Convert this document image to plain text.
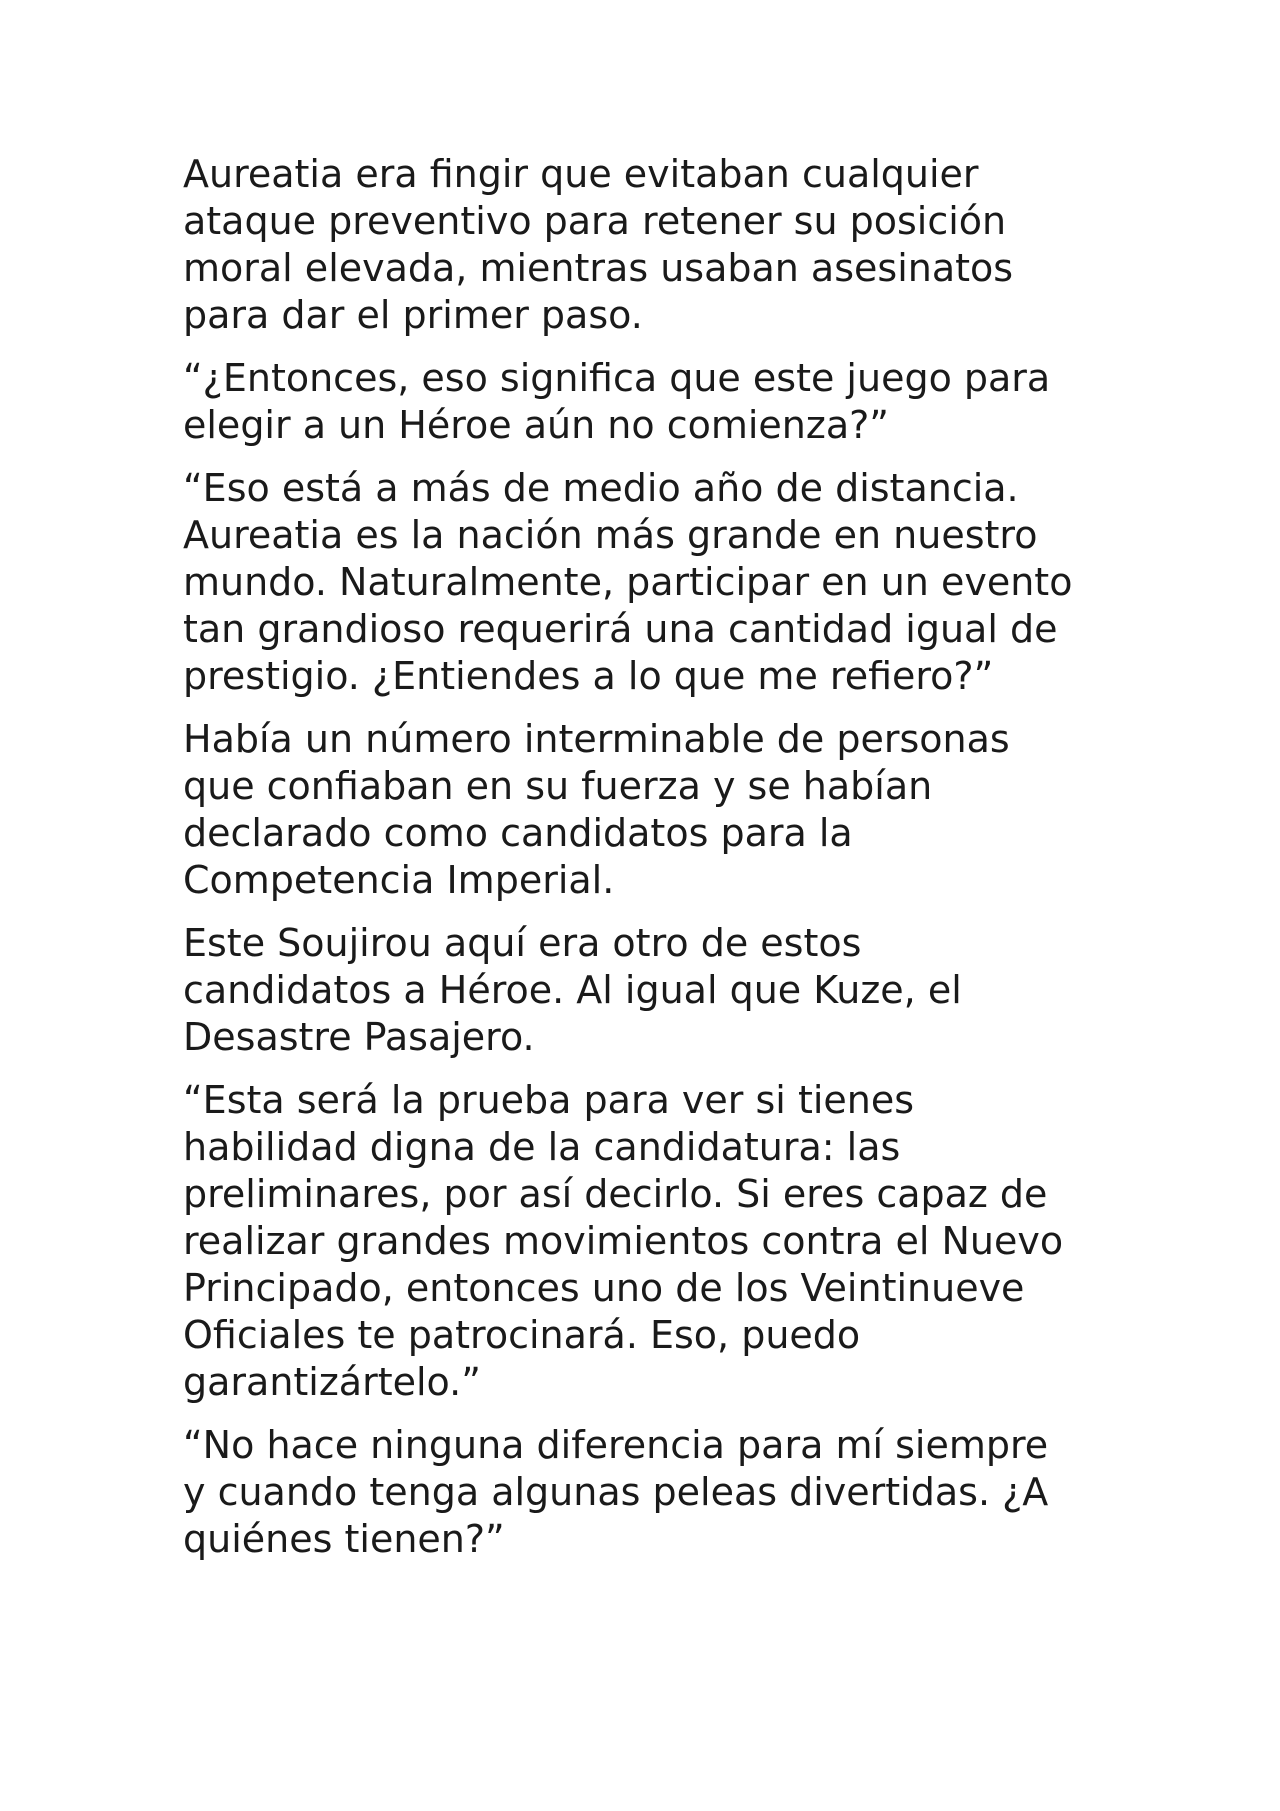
Aureatia era fingir que evitaban cualquier
ataque preventivo para retener su posición
moral elevada, mientras usaban asesinatos
para dar el primer paso.

“¿Entonces, eso significa que este juego para
elegir a un Héroe aún no comienza?”

“Eso está a más de medio año de distancia.
Aureatia es la nación más grande en nuestro
mundo. Naturalmente, participar en un evento
tan grandioso requerirá una cantidad igual de
prestigio. ¿Entiendes a lo que me refiero?”

Había un número interminable de personas
que confiaban en su fuerza y se habían
declarado como candidatos para la
Competencia Imperial.

Este Soujirou aquí era otro de estos
candidatos a Héroe. Al igual que Kuze, el
Desastre Pasajero.

“Esta será la prueba para ver si tienes
habilidad digna de la candidatura: las
preliminares, por así decirlo. Si eres capaz de
realizar grandes movimientos contra el Nuevo
Principado, entonces uno de los Veintinueve
Oficiales te patrocinará. Eso, puedo
garantizártelo.”

“No hace ninguna diferencia para mí siempre
y cuando tenga algunas peleas divertidas. ¿A
quiénes tienen?”
